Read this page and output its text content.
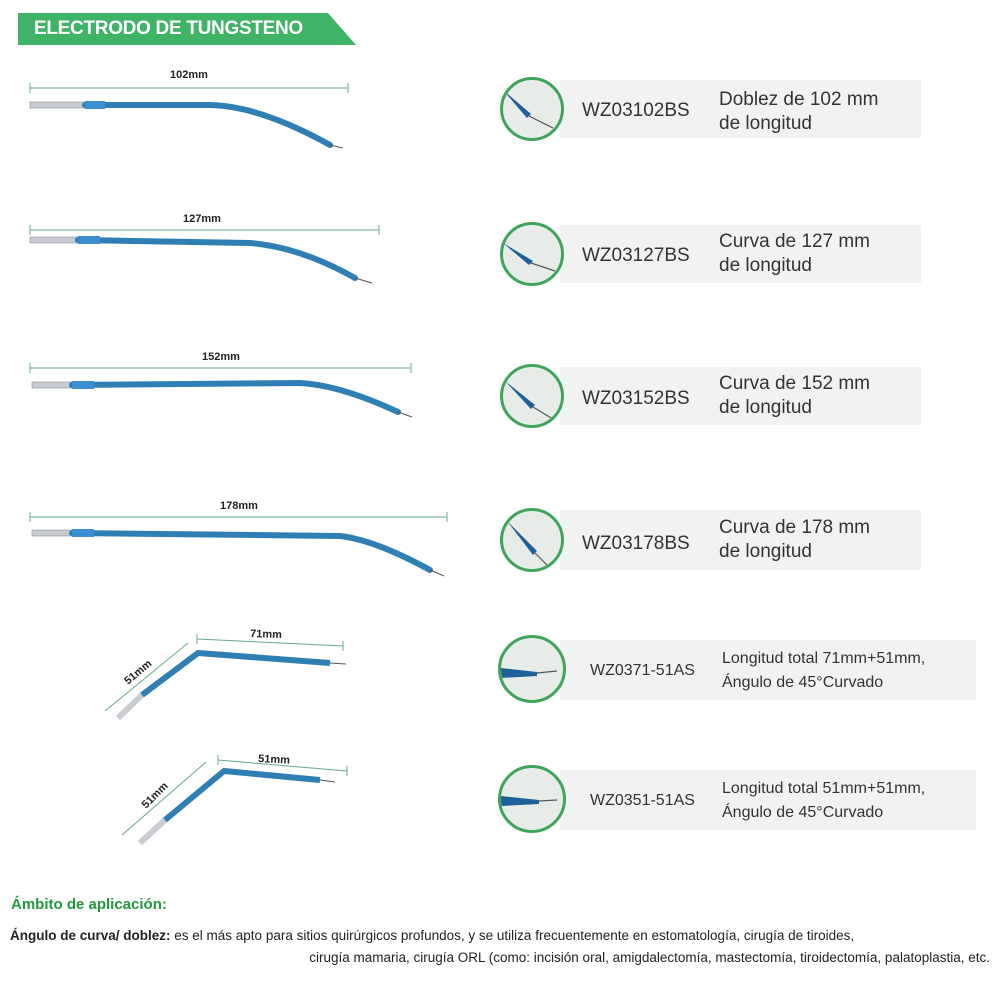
ELECTRODO DE TUNGSTENO
102mm
WZ03102BS
Doblez de 102 mm
de longitud
127mm
WZ03127BS
Curva de 127 mm
de longitud
152mm
WZ03152BS
Curva de 152 mm
de longitud
178mm
WZ03178BS
Curva de 178 mm
de longitud
71mm
51mm	WZ0371-51AS
Longitud total 71mm+51mm,
Ángulo de 45°Curvado
51mm
51mm	WZ0351-51AS
Longitud total 51mm+51mm,
Ángulo de 45°Curvado
Ámbito de aplicación:
Ángulo de curva/ doblez: es el más apto para sitios quirúrgicos profundos, y se utiliza frecuentemente en estomatología, cirugía de tiroides,
cirugía mamaria, cirugía ORL (como: incisión oral, amigdalectomía, mastectomía, tiroidectomía, palatoplastia, etc.
